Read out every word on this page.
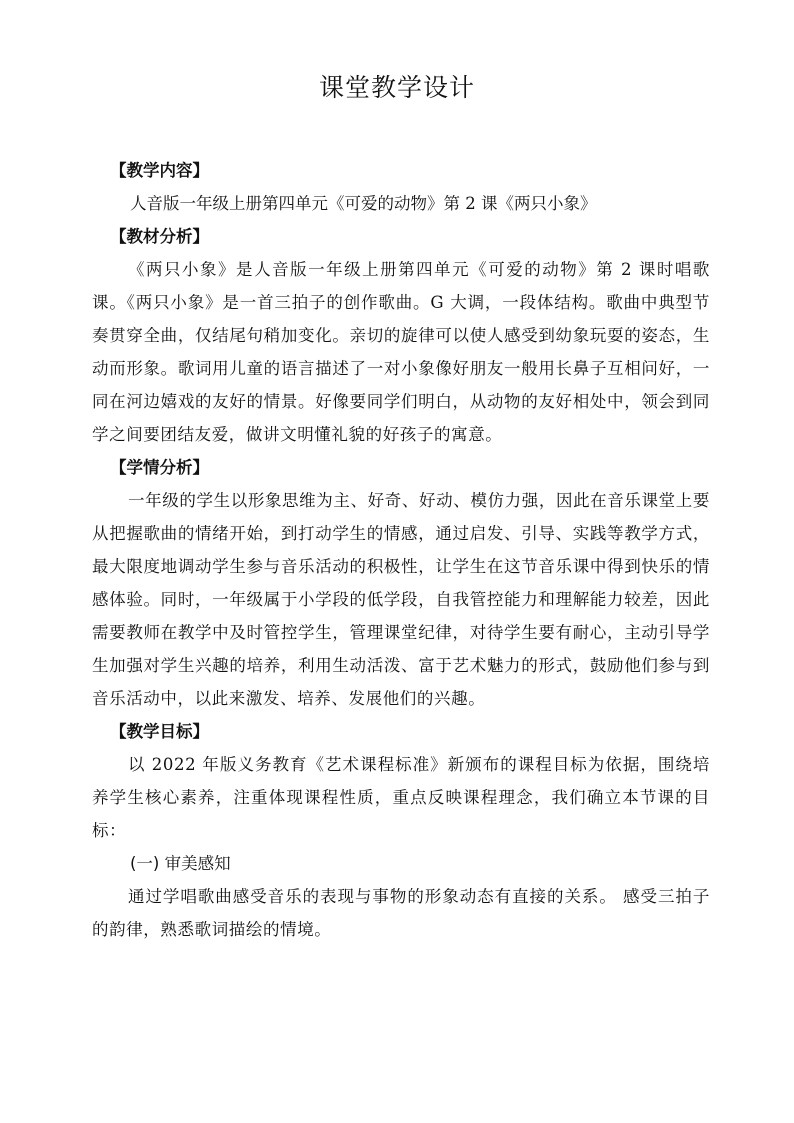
课堂教学设计
【教学内容】

人音版一年级上册第四单元《可爱的动物》第 2 课《两只小象》

【教材分析】

《两只小象》是人音版一年级上册第四单元《可爱的动物》第 2 课时唱歌课。《两只小象》是一首三拍子的创作歌曲。G 大调，一段体结构。歌曲中典型节奏贯穿全曲，仅结尾句稍加变化。亲切的旋律可以使人感受到幼象玩耍的姿态，生动而形象。歌词用儿童的语言描述了一对小象像好朋友一般用长鼻子互相问好，一同在河边嬉戏的友好的情景。好像要同学们明白，从动物的友好相处中，领会到同学之间要团结友爱，做讲文明懂礼貌的好孩子的寓意。

【学情分析】

一年级的学生以形象思维为主、好奇、好动、模仿力强，因此在音乐课堂上要从把握歌曲的情绪开始，到打动学生的情感，通过启发、引导、实践等教学方式，最大限度地调动学生参与音乐活动的积极性，让学生在这节音乐课中得到快乐的情感体验。同时，一年级属于小学段的低学段，自我管控能力和理解能力较差，因此需要教师在教学中及时管控学生，管理课堂纪律，对待学生要有耐心，主动引导学生加强对学生兴趣的培养，利用生动活泼、富于艺术魅力的形式，鼓励他们参与到音乐活动中，以此来激发、培养、发展他们的兴趣。

【教学目标】

以 2022 年版义务教育《艺术课程标准》新颁布的课程目标为依据，围绕培养学生核心素养，注重体现课程性质，重点反映课程理念，我们确立本节课的目标：

(一) 审美感知

通过学唱歌曲感受音乐的表现与事物的形象动态有直接的关系。 感受三拍子的韵律，熟悉歌词描绘的情境。
